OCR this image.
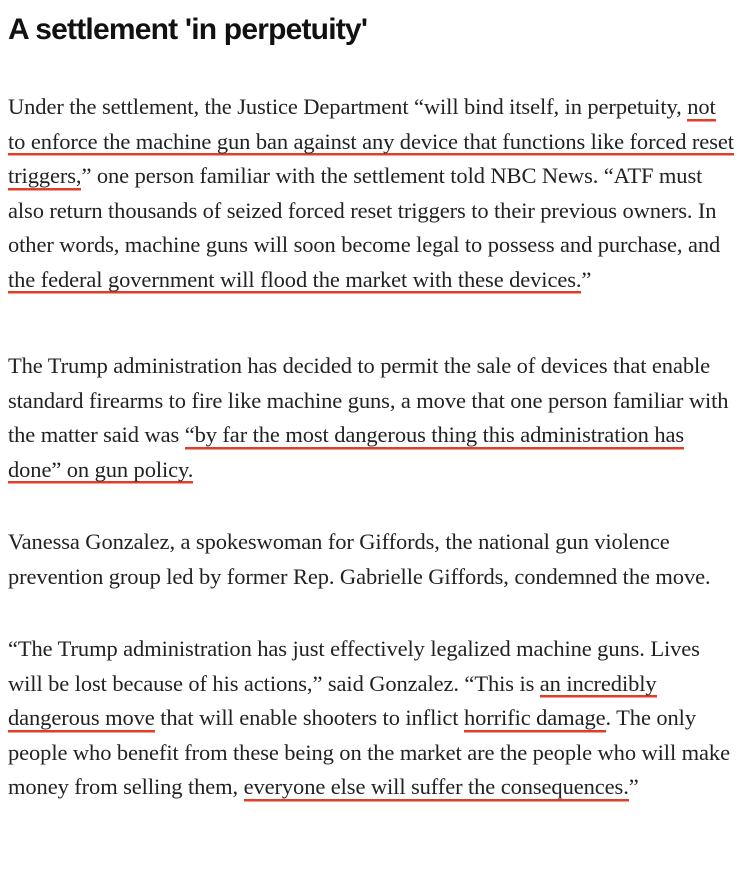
A settlement 'in perpetuity'

Under the settlement, the Justice Department “will bind itself, in perpetuity, not to enforce the machine gun ban against any device that functions like forced reset triggers,” one person familiar with the settlement told NBC News. “ATF must also return thousands of seized forced reset triggers to their previous owners. In other words, machine guns will soon become legal to possess and purchase, and the federal government will flood the market with these devices.”

The Trump administration has decided to permit the sale of devices that enable standard firearms to fire like machine guns, a move that one person familiar with the matter said was “by far the most dangerous thing this administration has done” on gun policy.

Vanessa Gonzalez, a spokeswoman for Giffords, the national gun violence prevention group led by former Rep. Gabrielle Giffords, condemned the move.

“The Trump administration has just effectively legalized machine guns. Lives will be lost because of his actions,” said Gonzalez. “This is an incredibly dangerous move that will enable shooters to inflict horrific damage. The only people who benefit from these being on the market are the people who will make money from selling them, everyone else will suffer the consequences.”
